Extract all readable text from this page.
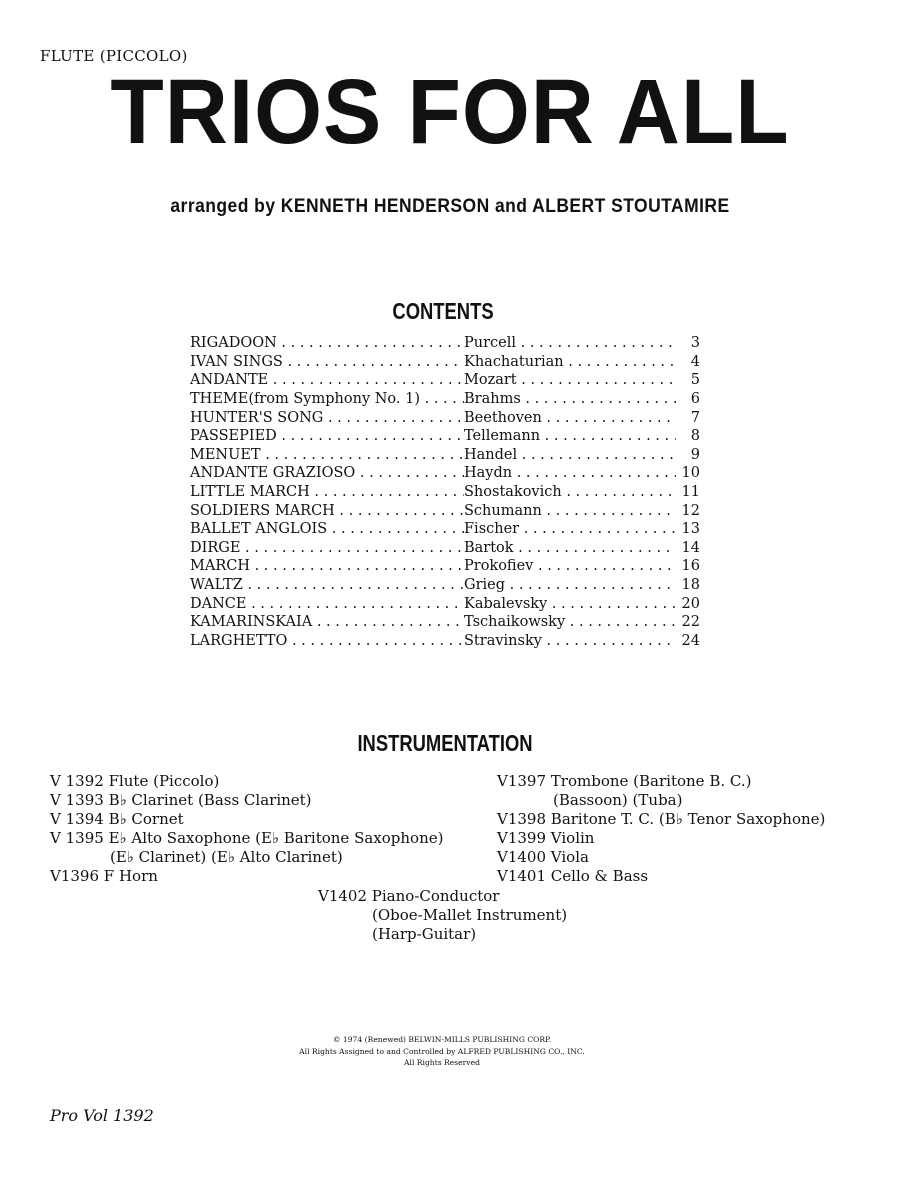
FLUTE (PICCOLO)
TRIOS FOR ALL
arranged by KENNETH HENDERSON and ALBERT STOUTAMIRE
CONTENTS
RIGADOON . . .	Purcell . . .	3
IVAN SINGS . . .	Khachaturian . . .	4
ANDANTE . . .	Mozart . . .	5
THEME(from Symphony No. 1) . . .	Brahms . . .	6
HUNTER'S SONG . . .	Beethoven . . .	7
PASSEPIED . . .	Tellemann . . .	8
MENUET . . .	Handel . . .	9
ANDANTE GRAZIOSO . . .	Haydn . . .	10
LITTLE MARCH . . .	Shostakovich . . .	11
SOLDIERS MARCH . . .	Schumann . . .	12
BALLET ANGLOIS . . .	Fischer . . .	13
DIRGE . . .	Bartok . . .	14
MARCH . . .	Prokofiev . . .	16
WALTZ . . .	Grieg . . .	18
DANCE . . .	Kabalevsky . . .	20
KAMARINSKAIA . . .	Tschaikowsky . . .	22
LARGHETTO . . .	Stravinsky . . .	24
INSTRUMENTATION
V 1392 Flute (Piccolo)
V 1393 B♭ Clarinet (Bass Clarinet)
V 1394 B♭ Cornet
V 1395 E♭ Alto Saxophone (E♭ Baritone Saxophone)
(E♭ Clarinet) (E♭ Alto Clarinet)
V1396 F Horn
V1397 Trombone (Baritone B. C.)
(Bassoon) (Tuba)
V1398 Baritone T. C. (B♭ Tenor Saxophone)
V1399 Violin
V1400 Viola
V1401 Cello & Bass
V1402 Piano-Conductor
(Oboe-Mallet Instrument)
(Harp-Guitar)
© 1974 (Renewed) BELWIN-MILLS PUBLISHING CORP.
All Rights Assigned to and Controlled by ALFRED PUBLISHING CO., INC.
All Rights Reserved
Pro Vol 1392
